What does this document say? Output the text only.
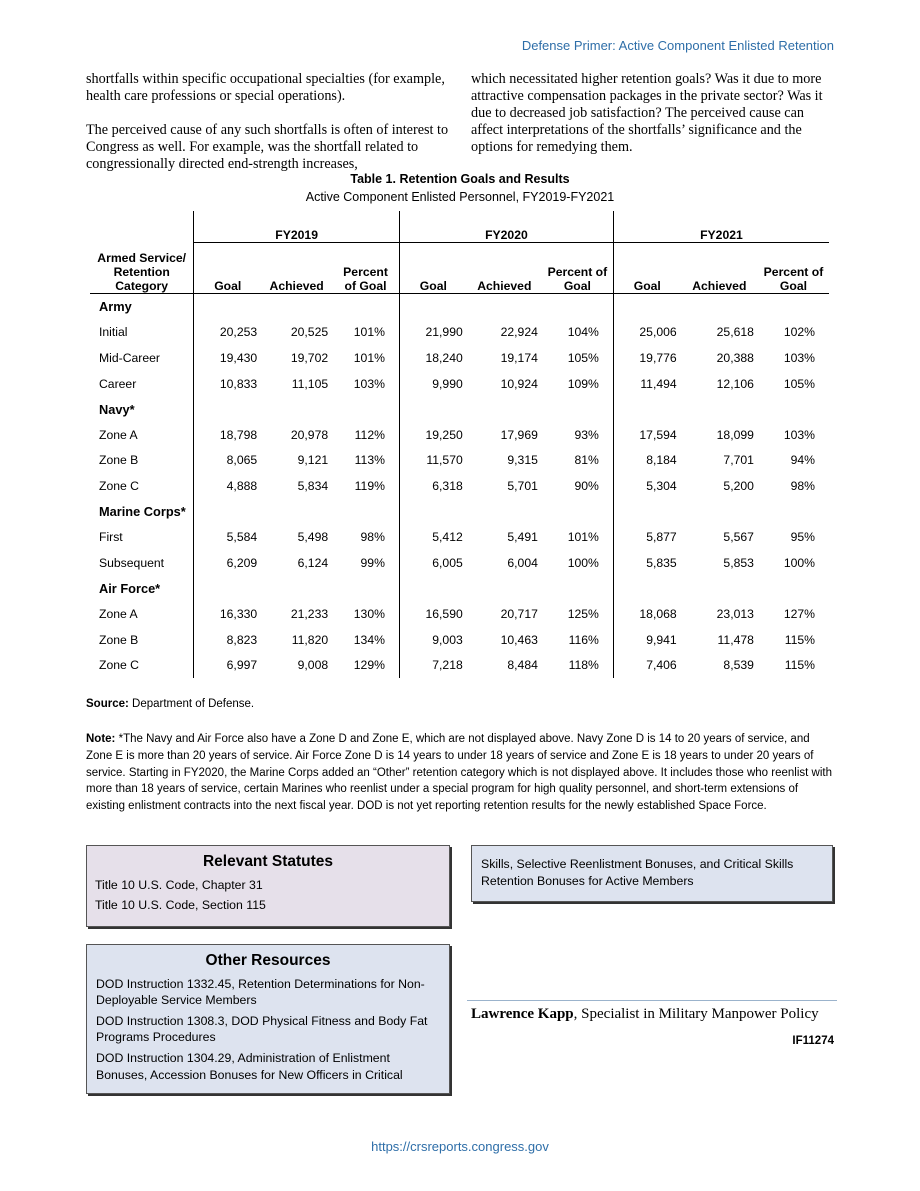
Defense Primer: Active Component Enlisted Retention

shortfalls within specific occupational specialties (for example, health care professions or special operations).

The perceived cause of any such shortfalls is often of interest to Congress as well. For example, was the shortfall related to congressionally directed end-strength increases,

which necessitated higher retention goals? Was it due to more attractive compensation packages in the private sector? Was it due to decreased job satisfaction? The perceived cause can affect interpretations of the shortfalls’ significance and the options for remedying them.

Table 1. Retention Goals and Results
Active Component Enlisted Personnel, FY2019-FY2021
Armed Service/ Retention Category	FY2019			FY2020			FY2021		
	Goal	Achieved	Percent of Goal	Goal	Achieved	Percent of Goal	Goal	Achieved	Percent of Goal
Army									
Initial	20,253	20,525	101%	21,990	22,924	104%	25,006	25,618	102%
Mid-Career	19,430	19,702	101%	18,240	19,174	105%	19,776	20,388	103%
Career	10,833	11,105	103%	9,990	10,924	109%	11,494	12,106	105%
Navy*									
Zone A	18,798	20,978	112%	19,250	17,969	93%	17,594	18,099	103%
Zone B	8,065	9,121	113%	11,570	9,315	81%	8,184	7,701	94%
Zone C	4,888	5,834	119%	6,318	5,701	90%	5,304	5,200	98%
Marine Corps*									
First	5,584	5,498	98%	5,412	5,491	101%	5,877	5,567	95%
Subsequent	6,209	6,124	99%	6,005	6,004	100%	5,835	5,853	100%
Air Force*									
Zone A	16,330	21,233	130%	16,590	20,717	125%	18,068	23,013	127%
Zone B	8,823	11,820	134%	9,003	10,463	116%	9,941	11,478	115%
Zone C	6,997	9,008	129%	7,218	8,484	118%	7,406	8,539	115%
Source: Department of Defense.
Note: *The Navy and Air Force also have a Zone D and Zone E, which are not displayed above. Navy Zone D is 14 to 20 years of service, and Zone E is more than 20 years of service. Air Force Zone D is 14 years to under 18 years of service and Zone E is 18 years to under 20 years of service. Starting in FY2020, the Marine Corps added an “Other” retention category which is not displayed above. It includes those who reenlist with more than 18 years of service, certain Marines who reenlist under a special program for high quality personnel, and short-term extensions of existing enlistment contracts into the next fiscal year. DOD is not yet reporting retention results for the newly established Space Force.
Relevant Statutes
Title 10 U.S. Code, Chapter 31
Title 10 U.S. Code, Section 115
Other Resources
DOD Instruction 1332.45, Retention Determinations for Non-Deployable Service Members
DOD Instruction 1308.3, DOD Physical Fitness and Body Fat Programs Procedures
DOD Instruction 1304.29, Administration of Enlistment Bonuses, Accession Bonuses for New Officers in Critical
Skills, Selective Reenlistment Bonuses, and Critical Skills Retention Bonuses for Active Members
Lawrence Kapp, Specialist in Military Manpower Policy
IF11274
https://crsreports.congress.gov
